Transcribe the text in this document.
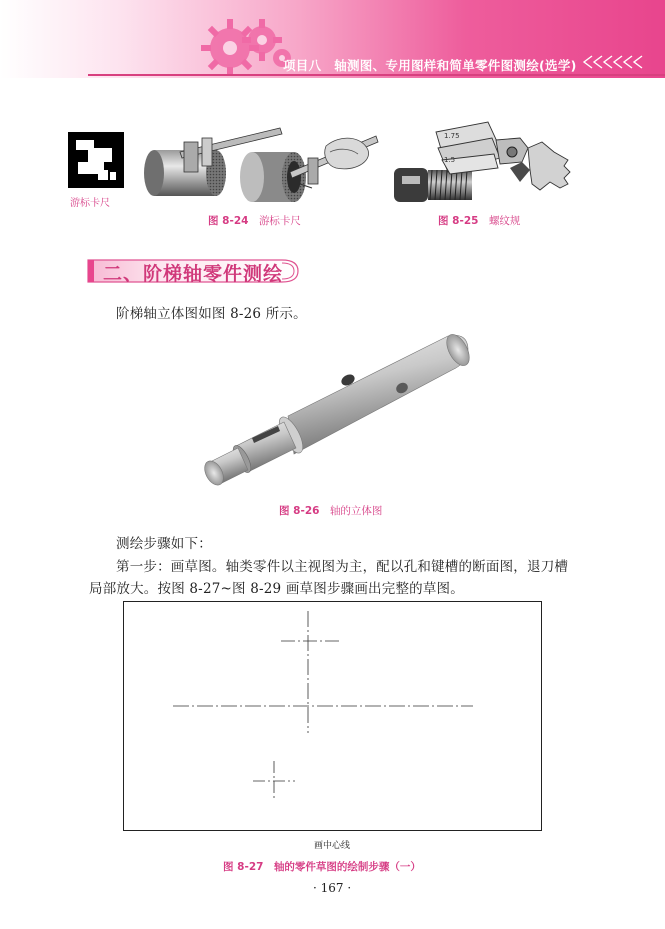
项目八　轴测图、专用图样和简单零件图测绘(选学)
游标卡尺
1.75
1.5
图 8-24　 游标卡尺	图 8-25　 螺纹规
二、阶梯轴零件测绘
阶梯轴立体图如图 8-26 所示。
图 8-26　 轴的立体图
测绘步骤如下：
第一步：画草图。轴类零件以主视图为主，配以孔和键槽的断面图，退刀槽
局部放大。按图 8-27~图 8-29 画草图步骤画出完整的草图。
画中心线
图 8-27　 轴的零件草图的绘制步骤（一）
· 167 ·
